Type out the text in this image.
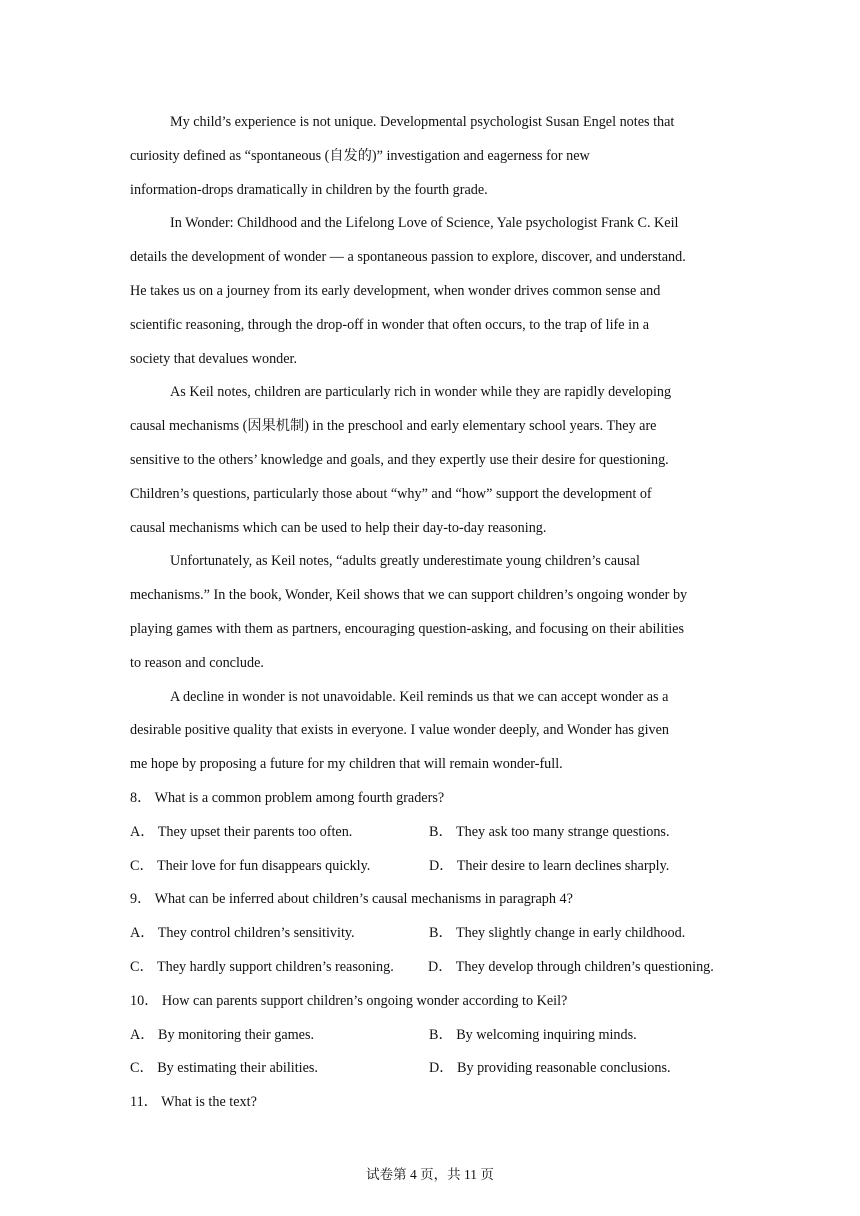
My child’s experience is not unique. Developmental psychologist Susan Engel notes that
curiosity defined as “spontaneous (自发的)” investigation and eagerness for new
information-drops dramatically in children by the fourth grade.
In Wonder: Childhood and the Lifelong Love of Science, Yale psychologist Frank C. Keil
details the development of wonder — a spontaneous passion to explore, discover, and understand.
He takes us on a journey from its early development, when wonder drives common sense and
scientific reasoning, through the drop-off in wonder that often occurs, to the trap of life in a
society that devalues wonder.
As Keil notes, children are particularly rich in wonder while they are rapidly developing
causal mechanisms (因果机制) in the preschool and early elementary school years. They are
sensitive to the others’ knowledge and goals, and they expertly use their desire for questioning.
Children’s questions, particularly those about “why” and “how” support the development of
causal mechanisms which can be used to help their day-to-day reasoning.
Unfortunately, as Keil notes, “adults greatly underestimate young children’s causal
mechanisms.” In the book, Wonder, Keil shows that we can support children’s ongoing wonder by
playing games with them as partners, encouraging question-asking, and focusing on their abilities
to reason and conclude.
A decline in wonder is not unavoidable. Keil reminds us that we can accept wonder as a
desirable positive quality that exists in everyone. I value wonder deeply, and Wonder has given
me hope by proposing a future for my children that will remain wonder-full.
8． What is a common problem among fourth graders?
A． They upset their parents too often.	B． They ask too many strange questions.
C． Their love for fun disappears quickly.	D． Their desire to learn declines sharply.
9． What can be inferred about children’s causal mechanisms in paragraph 4?
A． They control children’s sensitivity.	B． They slightly change in early childhood.
C． They hardly support children’s reasoning.	D． They develop through children’s questioning.
10． How can parents support children’s ongoing wonder according to Keil?
A． By monitoring their games.	B． By welcoming inquiring minds.
C． By estimating their abilities.	D． By providing reasonable conclusions.
11． What is the text?
试卷第 4 页，共 11 页
